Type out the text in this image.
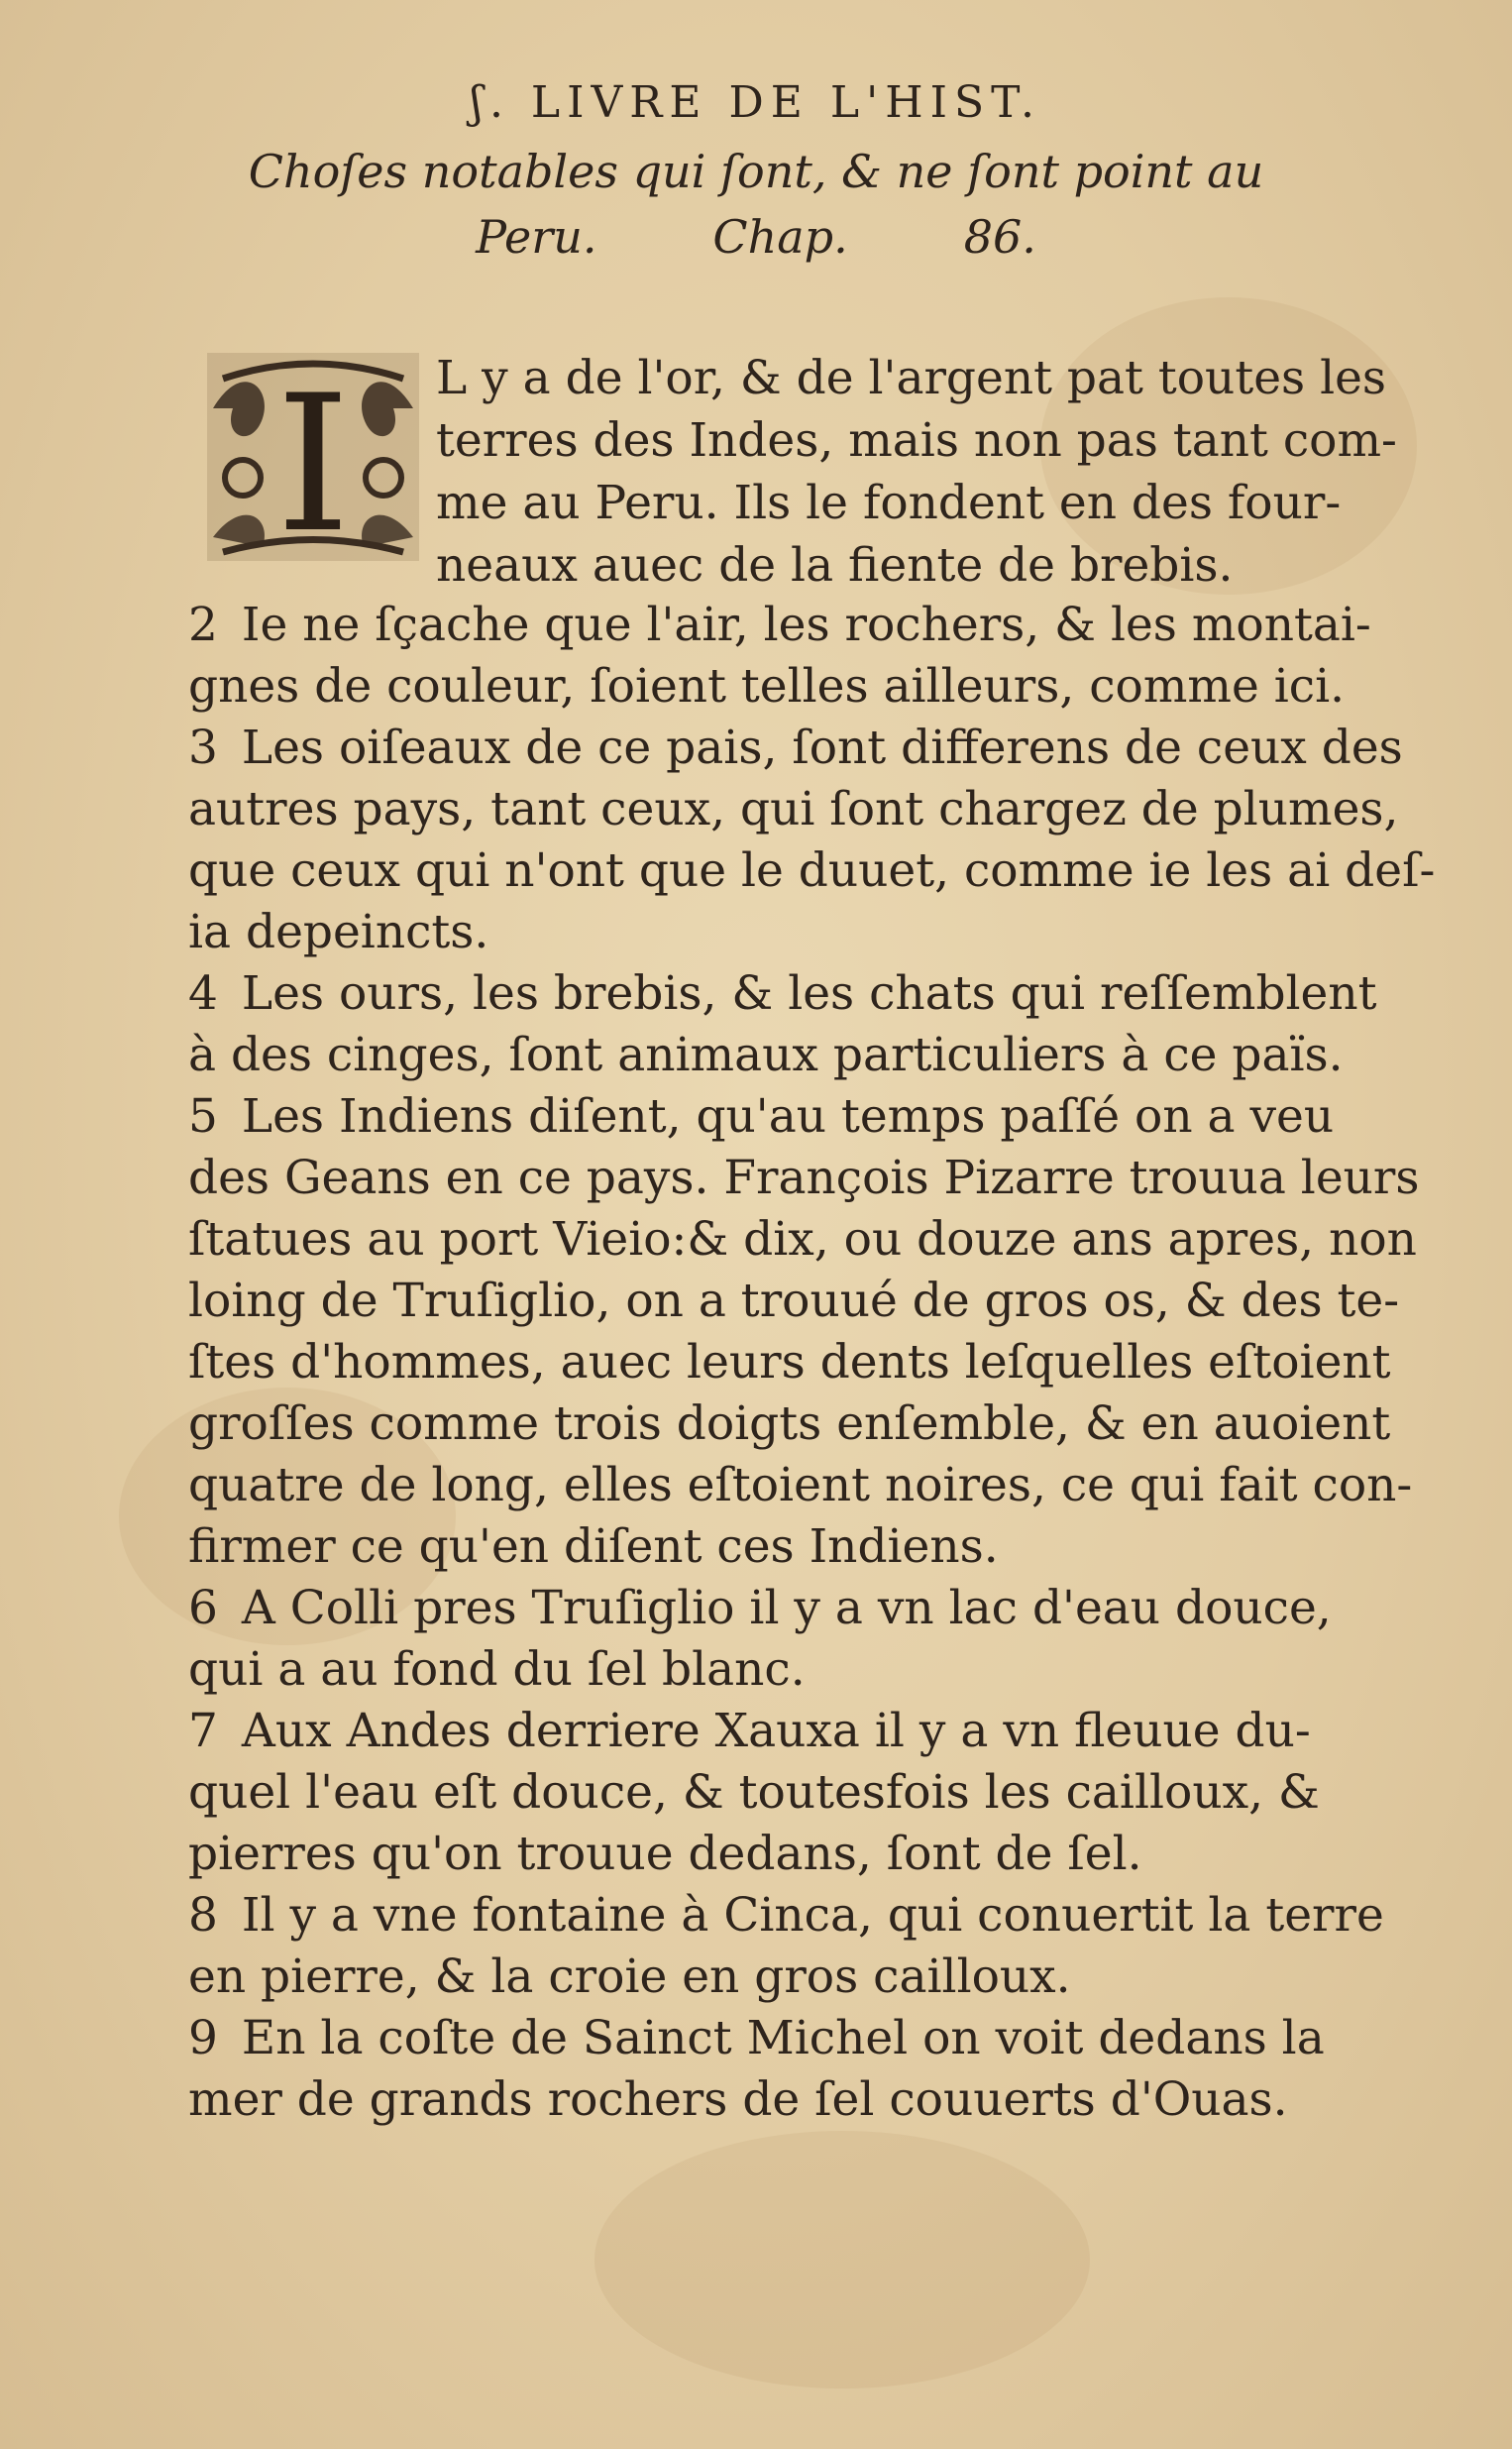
ʃ. LIVRE DE L'HIST.
Choſes notables qui ſont, & ne ſont point au
Peru.        Chap.        86.
I L y a de l'or, & de l'argent pat toutes les
terres des Indes, mais non pas tant com-
me au Peru. Ils le fondent en des four-
neaux auec de la fiente de brebis.
2 Ie ne ſçache que l'air, les rochers, & les montai-
gnes de couleur, ſoient telles ailleurs, comme ici.
3 Les oiſeaux de ce pais, ſont differens de ceux des
autres pays, tant ceux, qui ſont chargez de plumes,
que ceux qui n'ont que le duuet, comme ie les ai deſ-
ia depeincts.
4 Les ours, les brebis, & les chats qui reſſemblent
à des cinges, ſont animaux particuliers à ce païs.
5 Les Indiens diſent, qu'au temps paſſé on a veu
des Geans en ce pays. François Pizarre trouua leurs
ſtatues au port Vieio:& dix, ou douze ans apres, non
loing de Truſiglio, on a trouué de gros os, & des te-
ſtes d'hommes, auec leurs dents leſquelles eſtoient
groſſes comme trois doigts enſemble, & en auoient
quatre de long, elles eſtoient noires, ce qui fait con-
firmer ce qu'en diſent ces Indiens.
6 A Colli pres Truſiglio il y a vn lac d'eau douce,
qui a au fond du ſel blanc.
7 Aux Andes derriere Xauxa il y a vn fleuue du-
quel l'eau eſt douce, & toutesfois les cailloux, &
pierres qu'on trouue dedans, ſont de ſel.
8 Il y a vne fontaine à Cinca, qui conuertit la terre
en pierre, & la croie en gros cailloux.
9 En la coſte de Sainct Michel on voit dedans la
mer de grands rochers de ſel couuerts d'Ouas.
